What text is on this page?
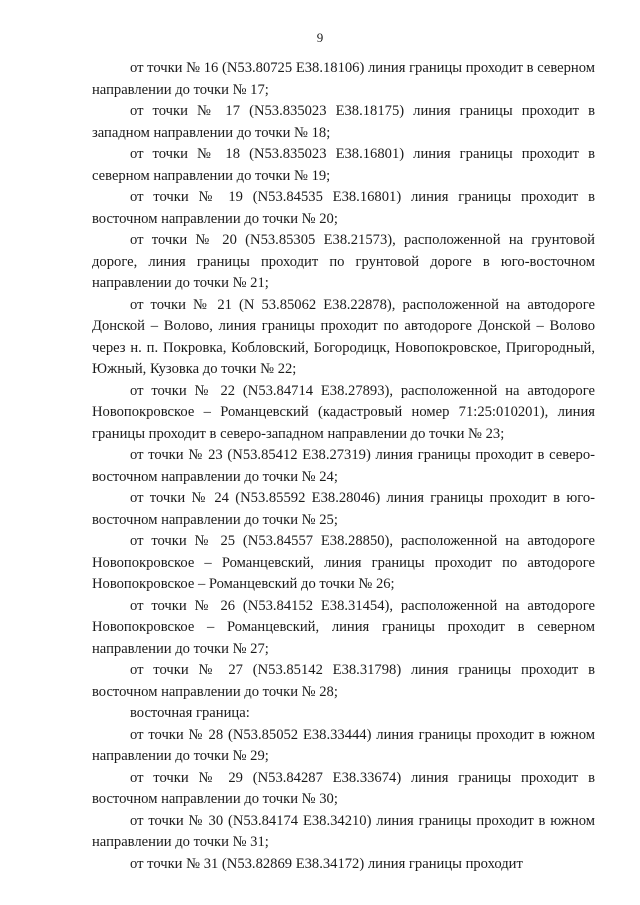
9

от точки № 16 (N53.80725 E38.18106) линия границы проходит в северном направлении до точки № 17;

от точки № 17 (N53.835023 E38.18175) линия границы проходит в западном направлении до точки № 18;

от точки № 18 (N53.835023 E38.16801) линия границы проходит в северном направлении до точки № 19;

от точки № 19 (N53.84535 E38.16801) линия границы проходит в восточном направлении до точки № 20;

от точки № 20 (N53.85305 E38.21573), расположенной на грунтовой дороге, линия границы проходит по грунтовой дороге в юго-восточном направлении до точки № 21;

от точки № 21 (N 53.85062 E38.22878), расположенной на автодороге Донской – Волово, линия границы проходит по автодороге Донской – Волово через н. п. Покровка, Кобловский, Богородицк, Новопокровское, Пригородный, Южный, Кузовка до точки № 22;

от точки № 22 (N53.84714 E38.27893), расположенной на автодороге Новопокровское – Романцевский (кадастровый номер 71:25:010201), линия границы проходит в северо-западном направлении до точки № 23;

от точки № 23 (N53.85412 E38.27319) линия границы проходит в северо-восточном направлении до точки № 24;

от точки № 24 (N53.85592 E38.28046) линия границы проходит в юго-восточном направлении до точки № 25;

от точки № 25 (N53.84557 E38.28850), расположенной на автодороге Новопокровское – Романцевский, линия границы проходит по автодороге Новопокровское – Романцевский до точки № 26;

от точки № 26 (N53.84152 E38.31454), расположенной на автодороге Новопокровское – Романцевский, линия границы проходит в северном направлении до точки № 27;

от точки № 27 (N53.85142 E38.31798) линия границы проходит в восточном направлении до точки № 28;

восточная граница:

от точки № 28 (N53.85052 E38.33444) линия границы проходит в южном направлении до точки № 29;

от точки № 29 (N53.84287 E38.33674) линия границы проходит в восточном направлении до точки № 30;

от точки № 30 (N53.84174 E38.34210) линия границы проходит в южном направлении до точки № 31;

от точки № 31 (N53.82869 E38.34172) линия границы проходит
